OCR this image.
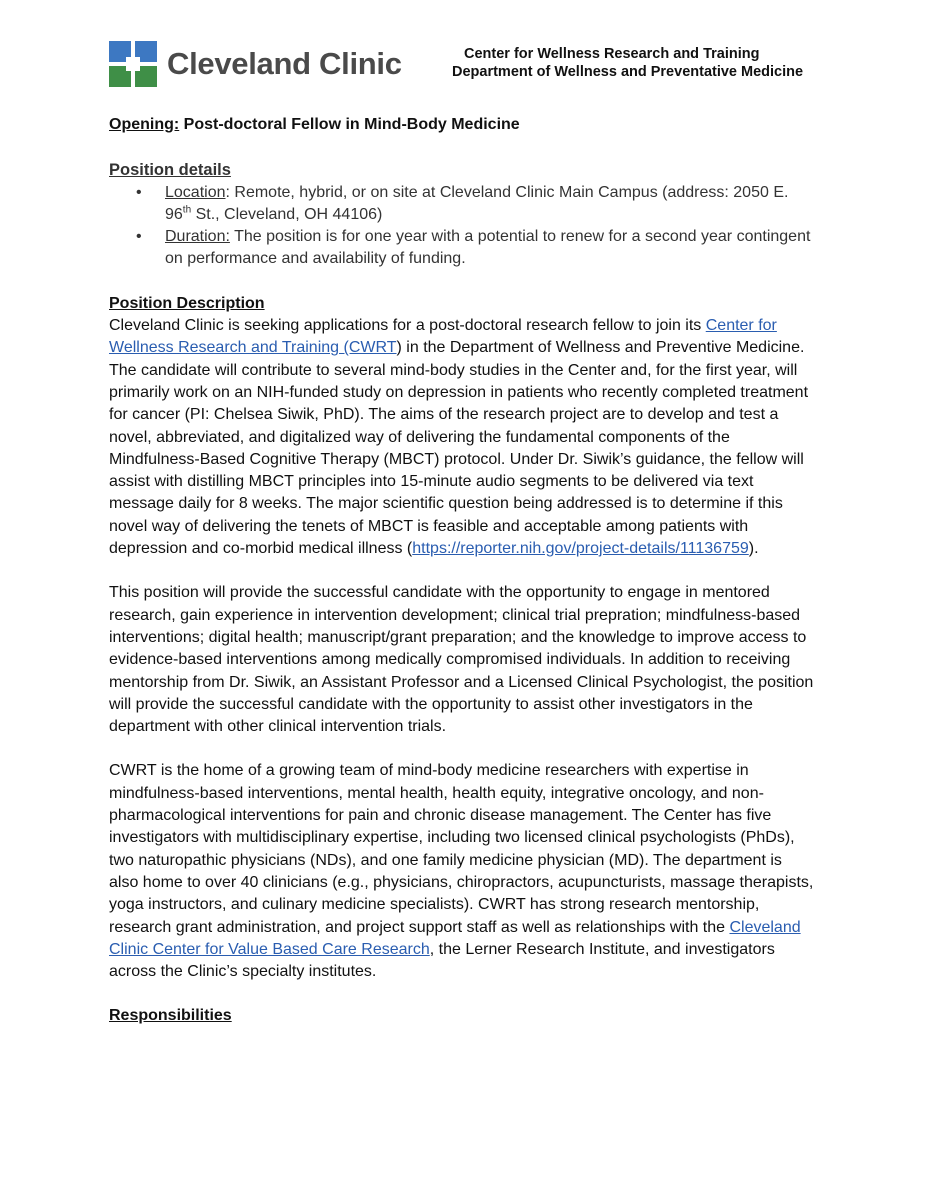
Cleveland Clinic	Center for Wellness Research and Training
Department of Wellness and Preventative Medicine

Opening: Post-doctoral Fellow in Mind-Body Medicine

Position details

• Location: Remote, hybrid, or on site at Cleveland Clinic Main Campus (address: 2050 E. 96th St., Cleveland, OH 44106)
• Duration: The position is for one year with a potential to renew for a second year contingent on performance and availability of funding.

Position Description

Cleveland Clinic is seeking applications for a post-doctoral research fellow to join its Center for Wellness Research and Training (CWRT) in the Department of Wellness and Preventive Medicine. The candidate will contribute to several mind-body studies in the Center and, for the first year, will primarily work on an NIH-funded study on depression in patients who recently completed treatment for cancer (PI: Chelsea Siwik, PhD). The aims of the research project are to develop and test a novel, abbreviated, and digitalized way of delivering the fundamental components of the Mindfulness-Based Cognitive Therapy (MBCT) protocol. Under Dr. Siwik’s guidance, the fellow will assist with distilling MBCT principles into 15-minute audio segments to be delivered via text message daily for 8 weeks. The major scientific question being addressed is to determine if this novel way of delivering the tenets of MBCT is feasible and acceptable among patients with depression and co-morbid medical illness (https://reporter.nih.gov/project-details/11136759).

This position will provide the successful candidate with the opportunity to engage in mentored research, gain experience in intervention development; clinical trial prepration; mindfulness-based interventions; digital health; manuscript/grant preparation; and the knowledge to improve access to evidence-based interventions among medically compromised individuals. In addition to receiving mentorship from Dr. Siwik, an Assistant Professor and a Licensed Clinical Psychologist, the position will provide the successful candidate with the opportunity to assist other investigators in the department with other clinical intervention trials.

CWRT is the home of a growing team of mind-body medicine researchers with expertise in mindfulness-based interventions, mental health, health equity, integrative oncology, and non-pharmacological interventions for pain and chronic disease management. The Center has five investigators with multidisciplinary expertise, including two licensed clinical psychologists (PhDs), two naturopathic physicians (NDs), and one family medicine physician (MD). The department is also home to over 40 clinicians (e.g., physicians, chiropractors, acupuncturists, massage therapists, yoga instructors, and culinary medicine specialists). CWRT has strong research mentorship, research grant administration, and project support staff as well as relationships with the Cleveland Clinic Center for Value Based Care Research, the Lerner Research Institute, and investigators across the Clinic’s specialty institutes.

Responsibilities
